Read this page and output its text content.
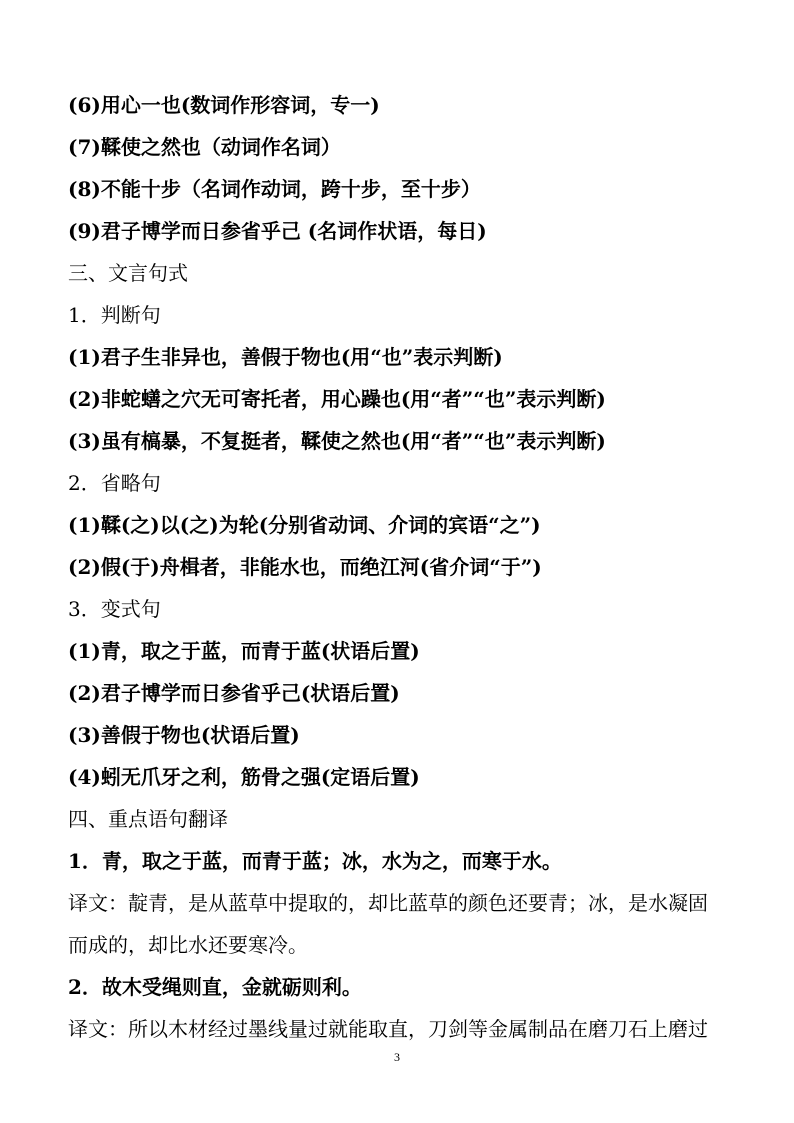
(6)用心一也(数词作形容词，专一)
(7)鞣使之然也（动词作名词）
(8)不能十步（名词作动词，跨十步，至十步）
(9)君子博学而日参省乎己 (名词作状语，每日)
三、文言句式
1．判断句
(1)君子生非异也，善假于物也(用“也”表示判断)
(2)非蛇蟮之穴无可寄托者，用心躁也(用“者”“也”表示判断)
(3)虽有槁暴，不复挺者，鞣使之然也(用“者”“也”表示判断)
2．省略句
(1)鞣(之)以(之)为轮(分别省动词、介词的宾语“之”)
(2)假(于)舟楫者，非能水也，而绝江河(省介词“于”)
3．变式句
(1)青，取之于蓝，而青于蓝(状语后置)
(2)君子博学而日参省乎己(状语后置)
(3)善假于物也(状语后置)
(4)蚓无爪牙之利，筋骨之强(定语后置)
四、重点语句翻译
1．青，取之于蓝，而青于蓝；冰，水为之，而寒于水。
译文：靛青，是从蓝草中提取的，却比蓝草的颜色还要青；冰，是水凝固
而成的，却比水还要寒冷。
2．故木受绳则直，金就砺则利。
译文：所以木材经过墨线量过就能取直，刀剑等金属制品在磨刀石上磨过
3
